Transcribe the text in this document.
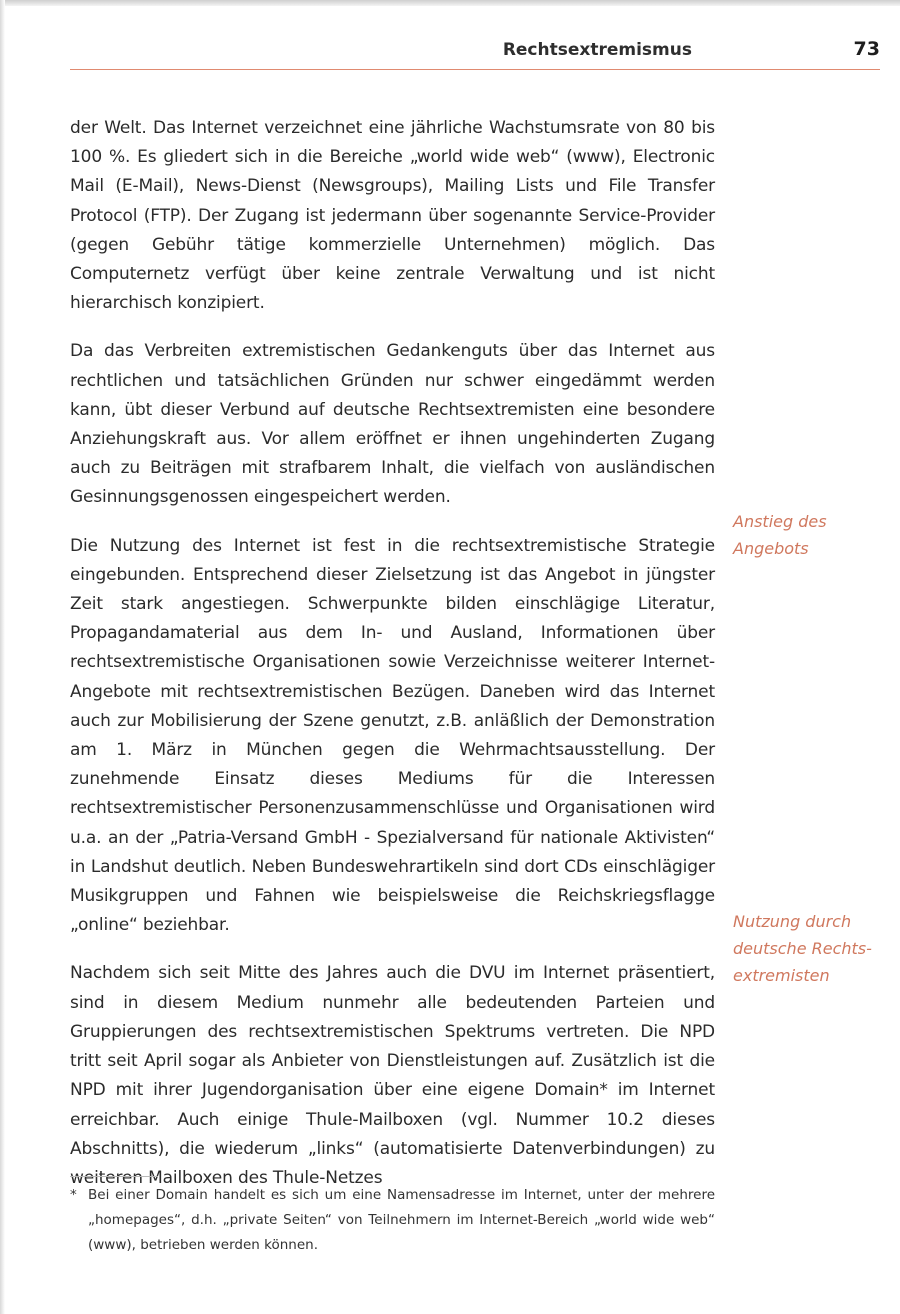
Rechtsextremismus	73

der Welt. Das Internet verzeichnet eine jährliche Wachstumsrate von 80 bis 100 %. Es gliedert sich in die Bereiche „world wide web“ (www), Electronic Mail (E-Mail), News-Dienst (Newsgroups), Mailing Lists und File Transfer Protocol (FTP). Der Zugang ist jedermann über sogenannte Service-Provider (gegen Gebühr tätige kommerzielle Unternehmen) möglich. Das Computernetz verfügt über keine zentrale Verwaltung und ist nicht hierarchisch konzipiert.

Da das Verbreiten extremistischen Gedankenguts über das Internet aus rechtlichen und tatsächlichen Gründen nur schwer eingedämmt werden kann, übt dieser Verbund auf deutsche Rechtsextremisten eine besondere Anziehungskraft aus. Vor allem eröffnet er ihnen ungehinderten Zugang auch zu Beiträgen mit strafbarem Inhalt, die vielfach von ausländischen Gesinnungsgenossen eingespeichert werden.

Die Nutzung des Internet ist fest in die rechtsextremistische Strategie eingebunden. Entsprechend dieser Zielsetzung ist das Angebot in jüngster Zeit stark angestiegen. Schwerpunkte bilden einschlägige Literatur, Propagandamaterial aus dem In- und Ausland, Informationen über rechtsextremistische Organisationen sowie Verzeichnisse weiterer Internet-Angebote mit rechtsextremistischen Bezügen. Daneben wird das Internet auch zur Mobilisierung der Szene genutzt, z.B. anläßlich der Demonstration am 1. März in München gegen die Wehrmachtsausstellung. Der zunehmende Einsatz dieses Mediums für die Interessen rechtsextremistischer Personenzusammenschlüsse und Organisationen wird u.a. an der „Patria-Versand GmbH - Spezialversand für nationale Aktivisten“ in Landshut deutlich. Neben Bundeswehrartikeln sind dort CDs einschlägiger Musikgruppen und Fahnen wie beispielsweise die Reichskriegsflagge „online“ beziehbar.

Nachdem sich seit Mitte des Jahres auch die DVU im Internet präsentiert, sind in diesem Medium nunmehr alle bedeutenden Parteien und Gruppierungen des rechtsextremistischen Spektrums vertreten. Die NPD tritt seit April sogar als Anbieter von Dienstleistungen auf. Zusätzlich ist die NPD mit ihrer Jugendorganisation über eine eigene Domain* im Internet erreichbar. Auch einige Thule-Mailboxen (vgl. Nummer 10.2 dieses Abschnitts), die wiederum „links“ (automatisierte Datenverbindungen) zu weiteren Mailboxen des Thule-Netzes

Anstieg des
Angebots
Nutzung durch
deutsche Rechts-
extremisten
* Bei einer Domain handelt es sich um eine Namensadresse im Internet, unter der mehrere „homepages“, d.h. „private Seiten“ von Teilnehmern im Internet-Bereich „world wide web“ (www), betrieben werden können.
